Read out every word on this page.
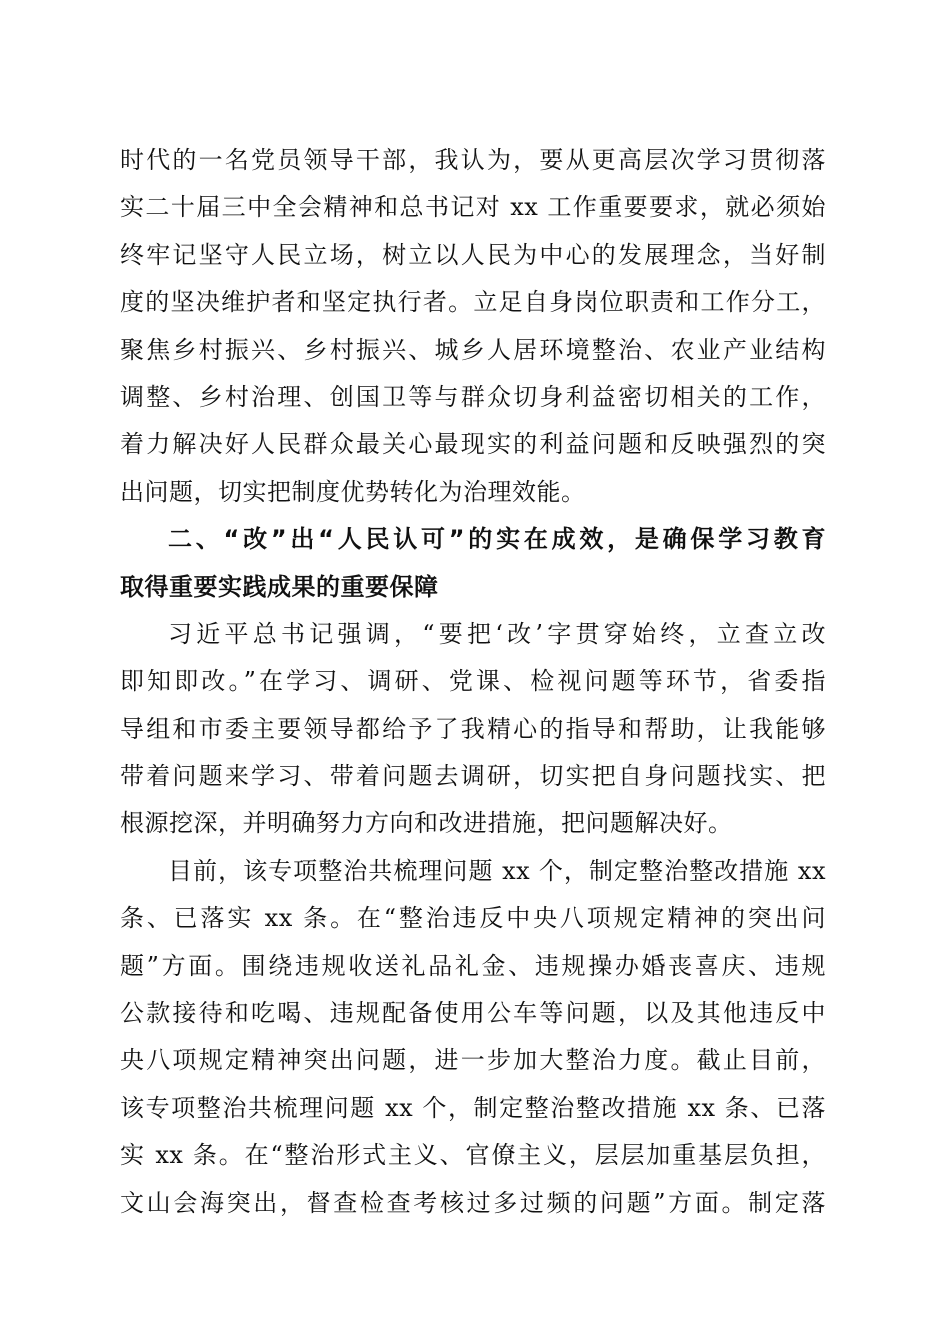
时代的一名党员领导干部，我认为，要从更高层次学习贯彻落
实二十届三中全会精神和总书记对 xx 工作重要要求，就必须始
终牢记坚守人民立场，树立以人民为中心的发展理念，当好制
度的坚决维护者和坚定执行者。立足自身岗位职责和工作分工，
聚焦乡村振兴、乡村振兴、城乡人居环境整治、农业产业结构
调整、乡村治理、创国卫等与群众切身利益密切相关的工作，
着力解决好人民群众最关心最现实的利益问题和反映强烈的突
出问题，切实把制度优势转化为治理效能。
二、“改”出“人民认可”的实在成效，是确保学习教育
取得重要实践成果的重要保障
习近平总书记强调，“要把‘改’字贯穿始终，立查立改
即知即改。”在学习、调研、党课、检视问题等环节，省委指
导组和市委主要领导都给予了我精心的指导和帮助，让我能够
带着问题来学习、带着问题去调研，切实把自身问题找实、把
根源挖深，并明确努力方向和改进措施，把问题解决好。
目前，该专项整治共梳理问题 xx 个，制定整治整改措施 xx
条、已落实 xx 条。在“整治违反中央八项规定精神的突出问
题”方面。围绕违规收送礼品礼金、违规操办婚丧喜庆、违规
公款接待和吃喝、违规配备使用公车等问题，以及其他违反中
央八项规定精神突出问题，进一步加大整治力度。截止目前，
该专项整治共梳理问题 xx 个，制定整治整改措施 xx 条、已落
实 xx 条。在“整治形式主义、官僚主义，层层加重基层负担，
文山会海突出，督查检查考核过多过频的问题”方面。制定落
